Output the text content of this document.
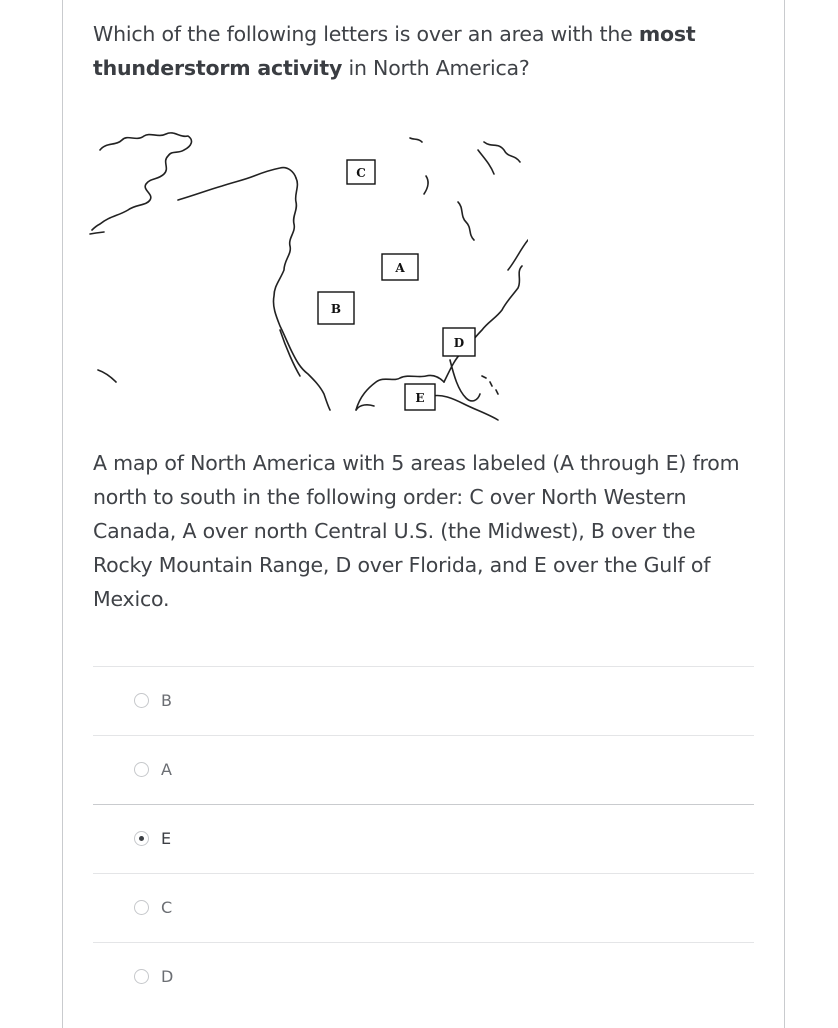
Which of the following letters is over an area with the most
thunderstorm activity in North America?
C
A
B
D
E
A map of North America with 5 areas labeled (A through E) from north to south in the following order: C over North Western Canada, A over north Central U.S. (the Midwest), B over the Rocky Mountain Range, D over Florida, and E over the Gulf of Mexico.
B
A
E
C
D
